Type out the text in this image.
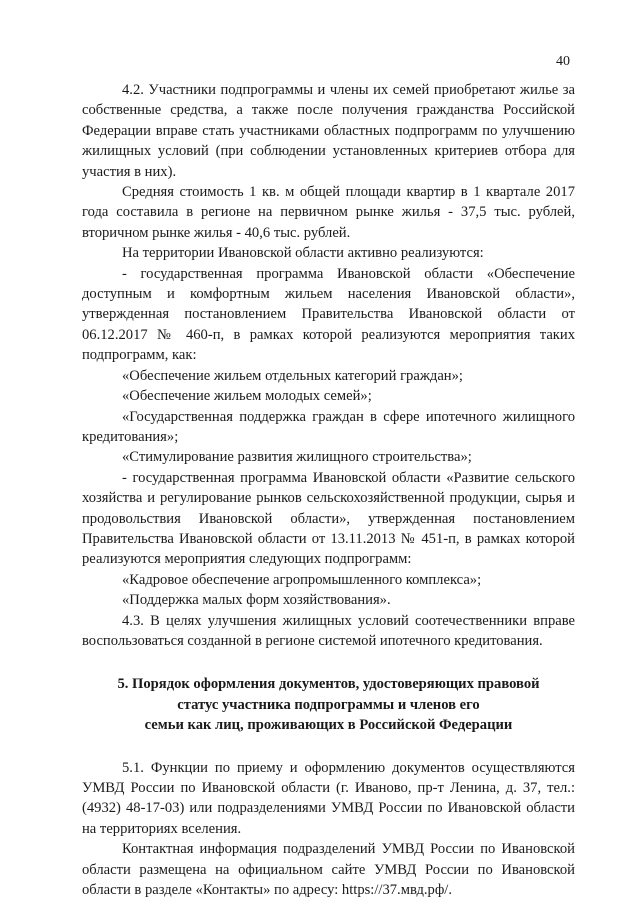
40

4.2. Участники подпрограммы и члены их семей приобретают жилье за собственные средства, а также после получения гражданства Российской Федерации вправе стать участниками областных подпрограмм по улучшению жилищных условий (при соблюдении установленных критериев отбора для участия в них).

Средняя стоимость 1 кв. м общей площади квартир в 1 квартале 2017 года составила в регионе на первичном рынке жилья - 37,5 тыс. рублей, вторичном рынке жилья - 40,6 тыс. рублей.

На территории Ивановской области активно реализуются:

- государственная программа Ивановской области «Обеспечение доступным и комфортным жильем населения Ивановской области», утвержденная постановлением Правительства Ивановской области от 06.12.2017 № 460-п, в рамках которой реализуются мероприятия таких подпрограмм, как:

«Обеспечение жильем отдельных категорий граждан»;

«Обеспечение жильем молодых семей»;

«Государственная поддержка граждан в сфере ипотечного жилищного кредитования»;

«Стимулирование развития жилищного строительства»;

- государственная программа Ивановской области «Развитие сельского хозяйства и регулирование рынков сельскохозяйственной продукции, сырья и продовольствия Ивановской области», утвержденная постановлением Правительства Ивановской области от 13.11.2013 № 451-п, в рамках которой реализуются мероприятия следующих подпрограмм:

«Кадровое обеспечение агропромышленного комплекса»;

«Поддержка малых форм хозяйствования».

4.3. В целях улучшения жилищных условий соотечественники вправе воспользоваться созданной в регионе системой ипотечного кредитования.

5. Порядок оформления документов, удостоверяющих правовой
статус участника подпрограммы и членов его
семьи как лиц, проживающих в Российской Федерации

5.1. Функции по приему и оформлению документов осуществляются УМВД России по Ивановской области (г. Иваново, пр-т Ленина, д. 37, тел.: (4932) 48-17-03) или подразделениями УМВД России по Ивановской области на территориях вселения.

Контактная информация подразделений УМВД России по Ивановской области размещена на официальном сайте УМВД России по Ивановской области в разделе «Контакты» по адресу: https://37.мвд.рф/.
